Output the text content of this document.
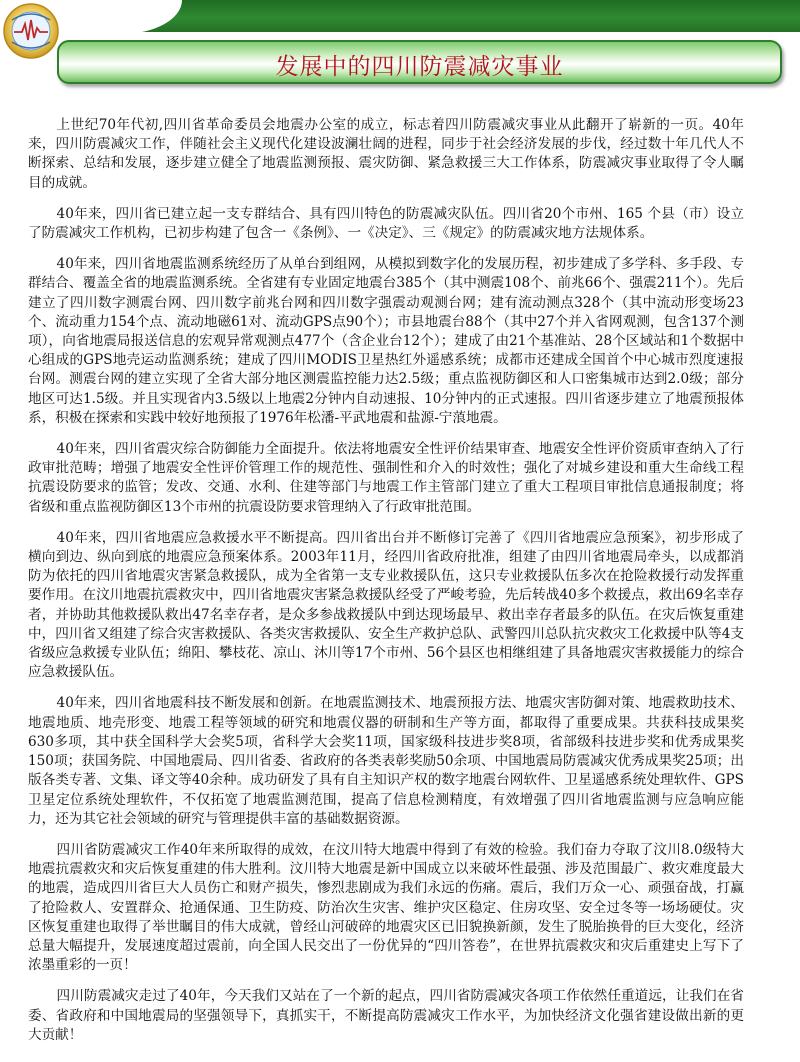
发展中的四川防震减灾事业

上世纪70年代初,四川省革命委员会地震办公室的成立，标志着四川防震减灾事业从此翻开了崭新的一页。40年来，四川防震减灾工作，伴随社会主义现代化建设波澜壮阔的进程，同步于社会经济发展的步伐，经过数十年几代人不断探索、总结和发展，逐步建立健全了地震监测预报、震灾防御、紧急救援三大工作体系，防震减灾事业取得了令人瞩目的成就。

40年来，四川省已建立起一支专群结合、具有四川特色的防震减灾队伍。四川省20个市州、165 个县（市）设立了防震减灾工作机构，已初步构建了包含一《条例》、一《决定》、三《规定》的防震减灾地方法规体系。

40年来，四川省地震监测系统经历了从单台到组网，从模拟到数字化的发展历程，初步建成了多学科、多手段、专群结合、覆盖全省的地震监测系统。全省建有专业固定地震台385个（其中测震108个、前兆66个、强震211个）。先后建立了四川数字测震台网、四川数字前兆台网和四川数字强震动观测台网；建有流动测点328个（其中流动形变场23个、流动重力154个点、流动地磁61对、流动GPS点90个）；市县地震台88个（其中27个并入省网观测，包含137个测项），向省地震局报送信息的宏观异常观测点477个（含企业台12个）；建成了由21个基准站、28个区域站和1个数据中心组成的GPS地壳运动监测系统；建成了四川MODIS卫星热红外遥感系统；成都市还建成全国首个中心城市烈度速报台网。测震台网的建立实现了全省大部分地区测震监控能力达2.5级；重点监视防御区和人口密集城市达到2.0级；部分地区可达1.5级。并且实现省内3.5级以上地震2分钟内自动速报、10分钟内的正式速报。四川省逐步建立了地震预报体系，积极在探索和实践中较好地预报了1976年松潘-平武地震和盐源-宁蒗地震。

40年来，四川省震灾综合防御能力全面提升。依法将地震安全性评价结果审查、地震安全性评价资质审查纳入了行政审批范畴；增强了地震安全性评价管理工作的规范性、强制性和介入的时效性；强化了对城乡建设和重大生命线工程抗震设防要求的监管；发改、交通、水利、住建等部门与地震工作主管部门建立了重大工程项目审批信息通报制度；将省级和重点监视防御区13个市州的抗震设防要求管理纳入了行政审批范围。

40年来，四川省地震应急救援水平不断提高。四川省出台并不断修订完善了《四川省地震应急预案》，初步形成了横向到边、纵向到底的地震应急预案体系。2003年11月，经四川省政府批准，组建了由四川省地震局牵头，以成都消防为依托的四川省地震灾害紧急救援队，成为全省第一支专业救援队伍，这只专业救援队伍多次在抢险救援行动发挥重要作用。在汶川地震抗震救灾中，四川省地震灾害紧急救援队经受了严峻考验，先后转战40多个救援点，救出69名幸存者，并协助其他救援队救出47名幸存者，是众多参战救援队中到达现场最早、救出幸存者最多的队伍。在灾后恢复重建中，四川省又组建了综合灾害救援队、各类灾害救援队、安全生产救护总队、武警四川总队抗灾救灾工化救援中队等4支省级应急救援专业队伍；绵阳、攀枝花、凉山、沐川等17个市州、56个县区也相继组建了具备地震灾害救援能力的综合应急救援队伍。

40年来，四川省地震科技不断发展和创新。在地震监测技术、地震预报方法、地震灾害防御对策、地震救助技术、地震地质、地壳形变、地震工程等领域的研究和地震仪器的研制和生产等方面，都取得了重要成果。共获科技成果奖630多项，其中获全国科学大会奖5项，省科学大会奖11项，国家级科技进步奖8项，省部级科技进步奖和优秀成果奖150项；获国务院、中国地震局、四川省委、省政府的各类表彰奖励50余项、中国地震局防震减灾优秀成果奖25项；出版各类专著、文集、译文等40余种。成功研发了具有自主知识产权的数字地震台网软件、卫星遥感系统处理软件、GPS卫星定位系统处理软件，不仅拓宽了地震监测范围，提高了信息检测精度，有效增强了四川省地震监测与应急响应能力，还为其它社会领域的研究与管理提供丰富的基础数据资源。

四川省防震减灾工作40年来所取得的成效，在汶川特大地震中得到了有效的检验。我们奋力夺取了汶川8.0级特大地震抗震救灾和灾后恢复重建的伟大胜利。汶川特大地震是新中国成立以来破坏性最强、涉及范围最广、救灾难度最大的地震，造成四川省巨大人员伤亡和财产损失，惨烈悲剧成为我们永远的伤痛。震后，我们万众一心、顽强奋战，打赢了抢险救人、安置群众、抢通保通、卫生防疫、防治次生灾害、维护灾区稳定、住房攻坚、安全过冬等一场场硬仗。灾区恢复重建也取得了举世瞩目的伟大成就，曾经山河破碎的地震灾区已旧貌换新颜，发生了脱胎换骨的巨大变化，经济总量大幅提升，发展速度超过震前，向全国人民交出了一份优异的“四川答卷”，在世界抗震救灾和灾后重建史上写下了浓墨重彩的一页！

四川防震减灾走过了40年，今天我们又站在了一个新的起点，四川省防震减灾各项工作依然任重道远，让我们在省委、省政府和中国地震局的坚强领导下，真抓实干，不断提高防震减灾工作水平，为加快经济文化强省建设做出新的更大贡献！
